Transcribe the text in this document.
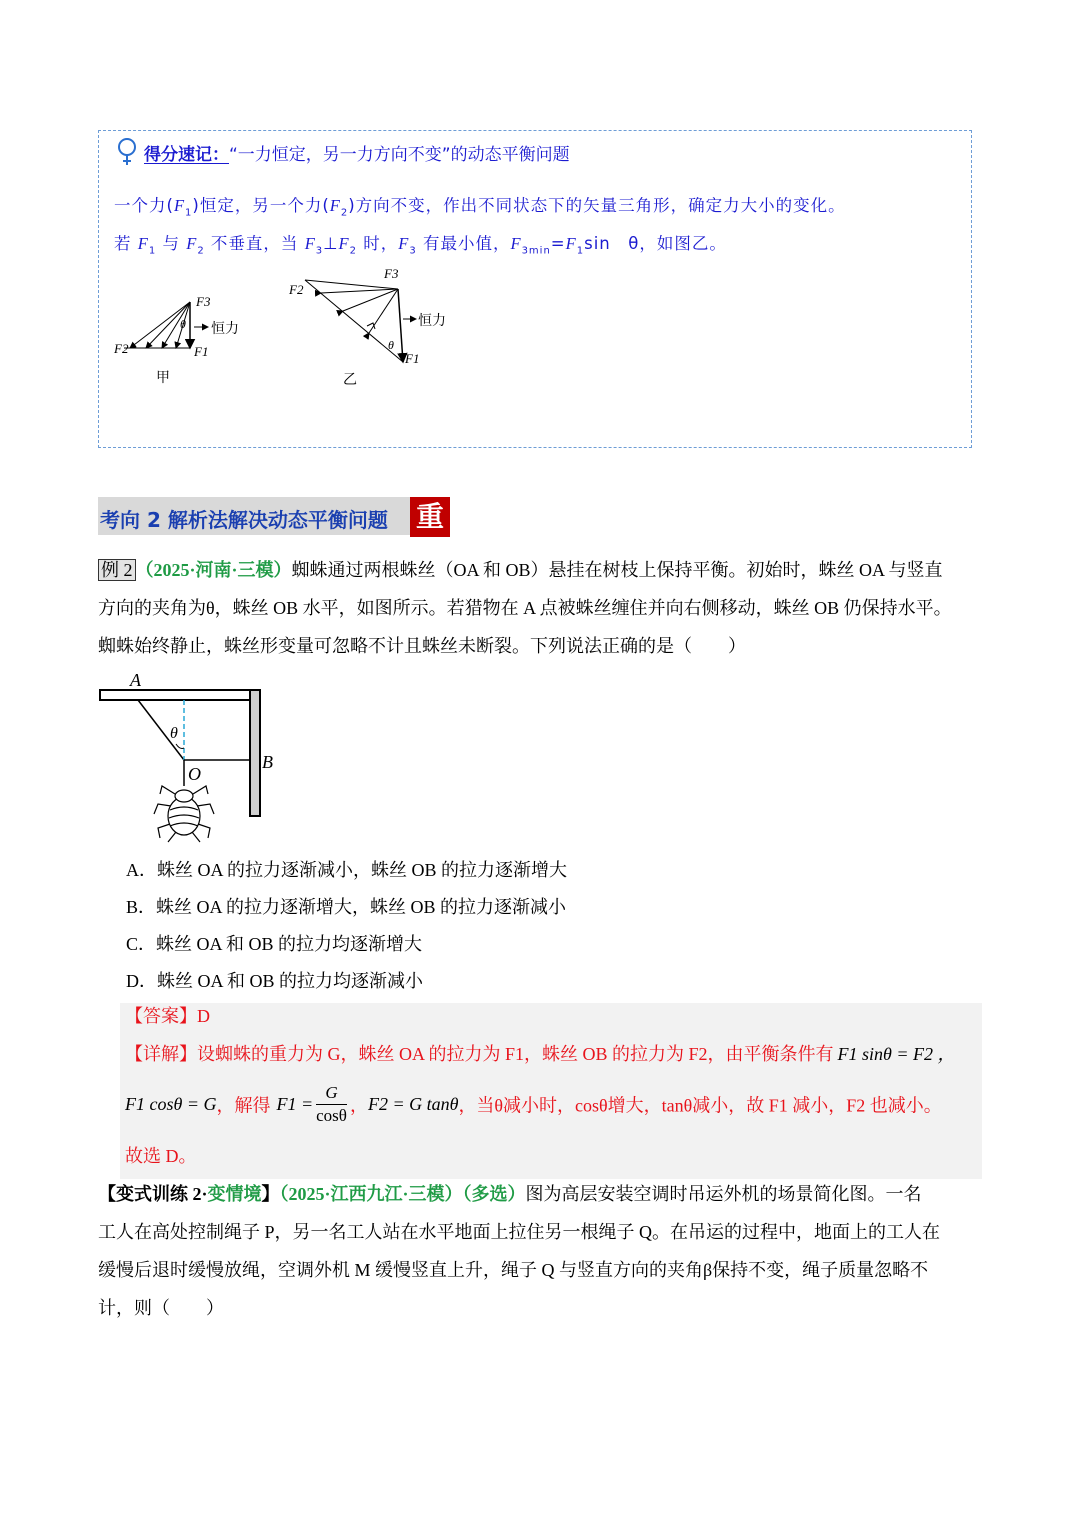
得分速记：“一力恒定，另一力方向不变”的动态平衡问题
一个力$(F_1)$恒定，另一个力$(F_2)$方向不变，作出不同状态下的矢量三角形，确定力大小的变化。
若 $F_1$ 与 $F_2$ 不垂直，当 $F_3\perp F_2$ 时，$F_3$ 有最小值，$F_{3min}=F_1\sin$　θ，如图乙。
F3
θ 恒力
F2	F1
甲
F3
F2
θ
恒力
F1
乙
考向 2 解析法解决动态平衡问题 重
例 2 （2025·河南·三模）蜘蛛通过两根蛛丝（OA 和 OB）悬挂在树枝上保持平衡。初始时，蛛丝 OA 与竖直
方向的夹角为θ，蛛丝 OB 水平，如图所示。若猎物在 A 点被蛛丝缠住并向右侧移动，蛛丝 OB 仍保持水平。
蜘蛛始终静止，蛛丝形变量可忽略不计且蛛丝未断裂。下列说法正确的是（　　）
A
B
O
θ
A．蛛丝 OA 的拉力逐渐减小，蛛丝 OB 的拉力逐渐增大
B．蛛丝 OA 的拉力逐渐增大，蛛丝 OB 的拉力逐渐减小
C．蛛丝 OA 和 OB 的拉力均逐渐增大
D．蛛丝 OA 和 OB 的拉力均逐渐减小
【答案】D
【详解】设蜘蛛的重力为 G，蛛丝 OA 的拉力为 F1，蛛丝 OB 的拉力为 F2，由平衡条件有 F1 sinθ = F2 ，
F1 cosθ = G，解得 $F1 = \frac{G}{\cos\theta}$ ，F2 = G tanθ，当θ减小时，cosθ增大，tanθ减小，故 F1 减小，F2 也减小。
故选 D。
【变式训练 2·变情境】（2025·江西九江·三模）（多选）图为高层安装空调时吊运外机的场景简化图。一名
工人在高处控制绳子 P，另一名工人站在水平地面上拉住另一根绳子 Q。在吊运的过程中，地面上的工人在
缓慢后退时缓慢放绳，空调外机 M 缓慢竖直上升，绳子 Q 与竖直方向的夹角β保持不变，绳子质量忽略不
计，则（　　）
